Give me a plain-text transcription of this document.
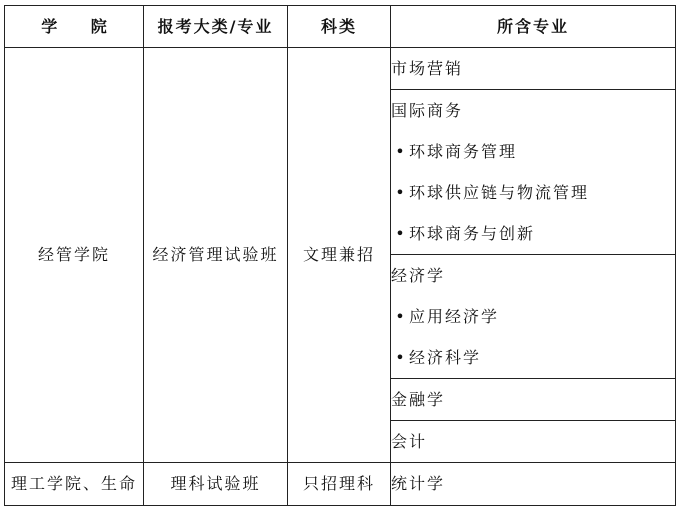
学 院	报考大类/专业	科类	所含专业
经管学院	经济管理试验班	文理兼招	市场营销
			国际商务
			• 环球商务管理
			• 环球供应链与物流管理
			• 环球商务与创新
			经济学
			• 应用经济学
			• 经济科学
			金融学
			会计
理工学院、生命	理科试验班	只招理科	统计学
